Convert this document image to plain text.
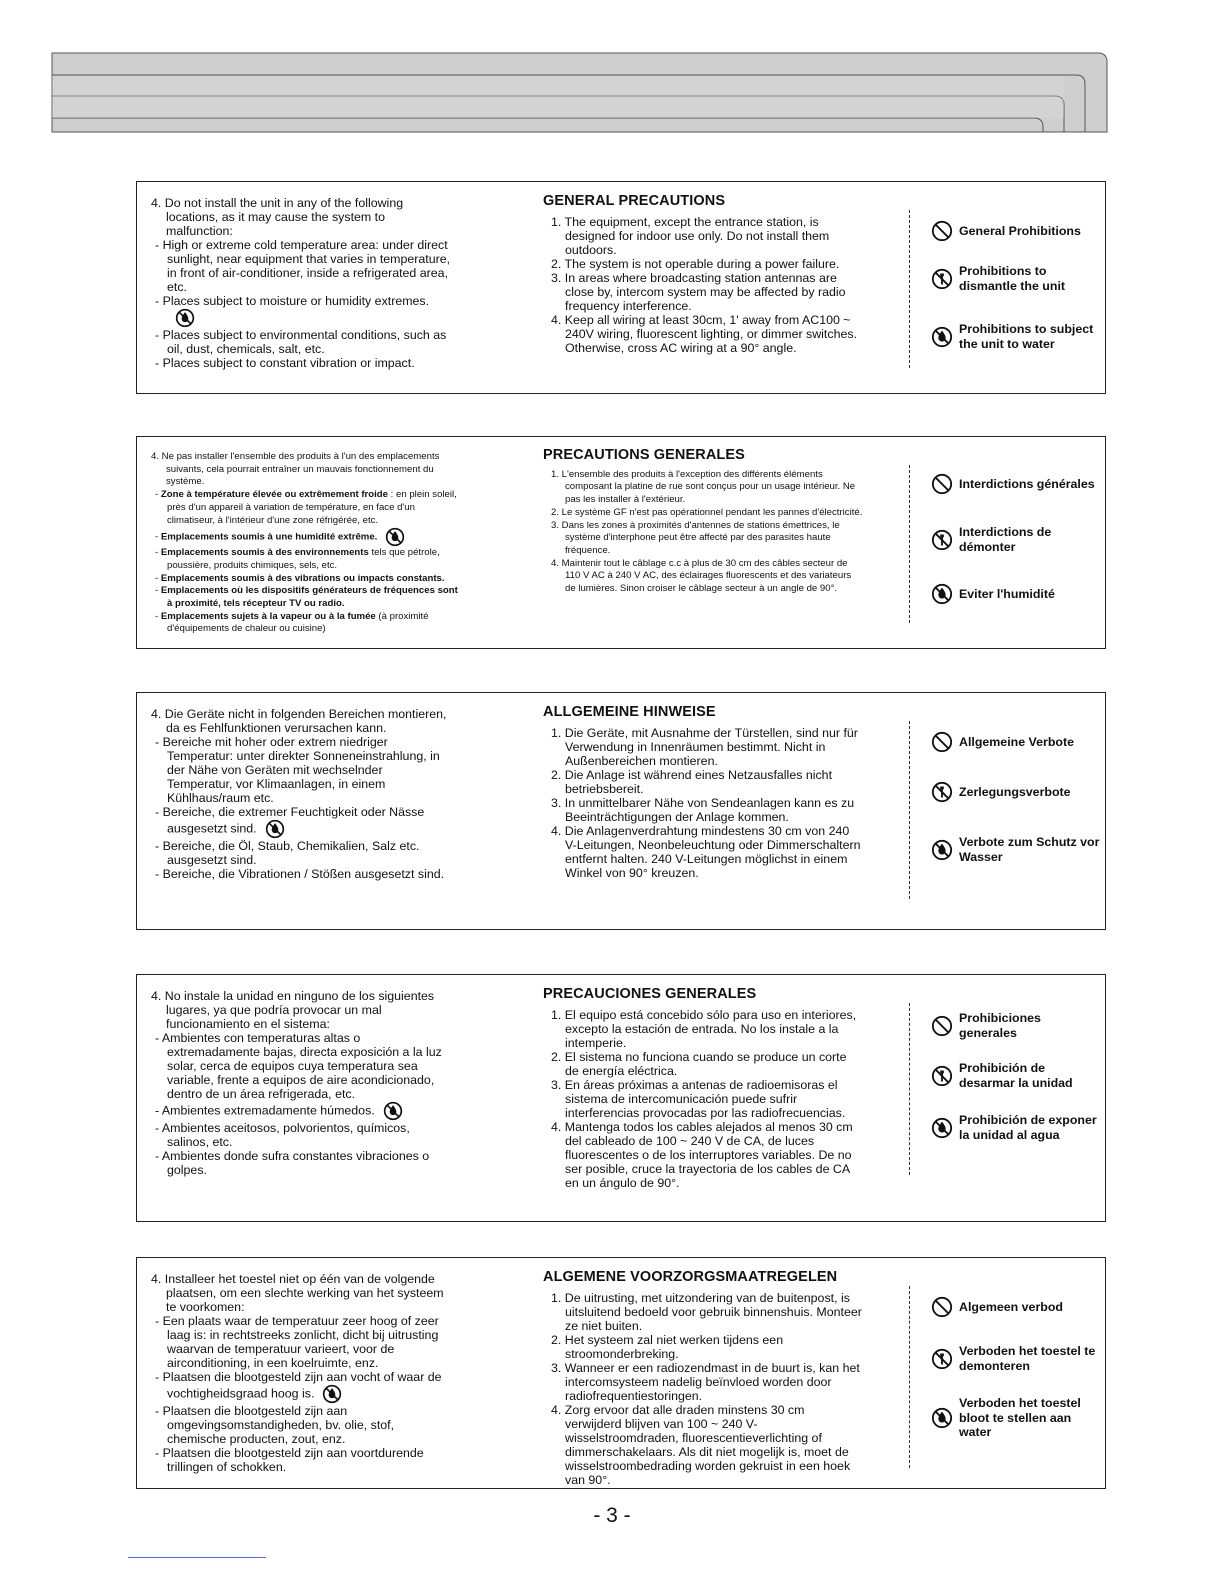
4. Do not install the unit in any of the following locations, as it may cause the system to malfunction:
- High or extreme cold temperature area: under direct sunlight, near equipment that varies in temperature, in front of air-conditioner, inside a refrigerated area, etc.
- Places subject to moisture or humidity extremes.
- Places subject to environmental conditions, such as oil, dust, chemicals, salt, etc.
- Places subject to constant vibration or impact.
GENERAL PRECAUTIONS
1. The equipment, except the entrance station, is designed for indoor use only. Do not install them outdoors.
2. The system is not operable during a power failure.
3. In areas where broadcasting station antennas are close by, intercom system may be affected by radio frequency interference.
4. Keep all wiring at least 30cm, 1' away from AC100 ~ 240V wiring, fluorescent lighting, or dimmer switches. Otherwise, cross AC wiring at a 90° angle.
General Prohibitions
Prohibitions to dismantle the unit
Prohibitions to subject the unit to water
4. Ne pas installer l'ensemble des produits à l'un des emplacements suivants, cela pourrait entraîner un mauvais fonctionnement du système.
- Zone à température élevée ou extrêmement froide : en plein soleil, près d'un appareil à variation de température, en face d'un climatiseur, à l'intérieur d'une zone réfrigérée, etc.
- Emplacements soumis à une humidité extrême.
- Emplacements soumis à des environnements tels que pétrole, poussière, produits chimiques, sels, etc.
- Emplacements soumis à des vibrations ou impacts constants.
- Emplacements où les dispositifs générateurs de fréquences sont à proximité, tels récepteur TV ou radio.
- Emplacements sujets à la vapeur ou à la fumée (à proximité d'équipements de chaleur ou cuisine)
PRECAUTIONS GENERALES
1. L'ensemble des produits à l'exception des différents éléments composant la platine de rue sont conçus pour un usage intérieur. Ne pas les installer à l'extérieur.
2. Le système GF n'est pas opérationnel pendant les pannes d'électricité.
3. Dans les zones à proximités d'antennes de stations émettrices, le système d'interphone peut être affecté par des parasites haute fréquence.
4. Maintenir tout le câblage c.c à plus de 30 cm des câbles secteur de 110 V AC à 240 V AC, des éclairages fluorescents et des variateurs de lumières. Sinon croiser le câblage secteur à un angle de 90°.
Interdictions générales
Interdictions de démonter
Eviter l'humidité
4. Die Geräte nicht in folgenden Bereichen montieren, da es Fehlfunktionen verursachen kann.
- Bereiche mit hoher oder extrem niedriger Temperatur: unter direkter Sonneneinstrahlung, in der Nähe von Geräten mit wechselnder Temperatur, vor Klimaanlagen, in einem Kühlhaus/raum etc.
- Bereiche, die extremer Feuchtigkeit oder Nässe ausgesetzt sind.
- Bereiche, die Öl, Staub, Chemikalien, Salz etc. ausgesetzt sind.
- Bereiche, die Vibrationen / Stößen ausgesetzt sind.
ALLGEMEINE HINWEISE
1. Die Geräte, mit Ausnahme der Türstellen, sind nur für Verwendung in Innenräumen bestimmt. Nicht in Außenbereichen montieren.
2. Die Anlage ist während eines Netzausfalles nicht betriebsbereit.
3. In unmittelbarer Nähe von Sendeanlagen kann es zu Beeinträchtigungen der Anlage kommen.
4. Die Anlagenverdrahtung mindestens 30 cm von 240 V-Leitungen, Neonbeleuchtung oder Dimmerschaltern entfernt halten. 240 V-Leitungen möglichst in einem Winkel von 90° kreuzen.
Allgemeine Verbote
Zerlegungsverbote
Verbote zum Schutz vor Wasser
4. No instale la unidad en ninguno de los siguientes lugares, ya que podría provocar un mal funcionamiento en el sistema:
- Ambientes con temperaturas altas o extremadamente bajas, directa exposición a la luz solar, cerca de equipos cuya temperatura sea variable, frente a equipos de aire acondicionado, dentro de un área refrigerada, etc.
- Ambientes extremadamente húmedos.
- Ambientes aceitosos, polvorientos, químicos, salinos, etc.
- Ambientes donde sufra constantes vibraciones o golpes.
PRECAUCIONES GENERALES
1. El equipo está concebido sólo para uso en interiores, excepto la estación de entrada. No los instale a la intemperie.
2. El sistema no funciona cuando se produce un corte de energía eléctrica.
3. En áreas próximas a antenas de radioemisoras el sistema de intercomunicación puede sufrir interferencias provocadas por las radiofrecuencias.
4. Mantenga todos los cables alejados al menos 30 cm del cableado de 100 ~ 240 V de CA, de luces fluorescentes o de los interruptores variables. De no ser posible, cruce la trayectoria de los cables de CA en un ángulo de 90°.
Prohibiciones generales
Prohibición de desarmar la unidad
Prohibición de exponer la unidad al agua
4. Installeer het toestel niet op één van de volgende plaatsen, om een slechte werking van het systeem te voorkomen:
- Een plaats waar de temperatuur zeer hoog of zeer laag is: in rechtstreeks zonlicht, dicht bij uitrusting waarvan de temperatuur varieert, voor de airconditioning, in een koelruimte, enz.
- Plaatsen die blootgesteld zijn aan vocht of waar de vochtigheidsgraad hoog is.
- Plaatsen die blootgesteld zijn aan omgevingsomstandigheden, bv. olie, stof, chemische producten, zout, enz.
- Plaatsen die blootgesteld zijn aan voortdurende trillingen of schokken.
ALGEMENE VOORZORGSMAATREGELEN
1. De uitrusting, met uitzondering van de buitenpost, is uitsluitend bedoeld voor gebruik binnenshuis. Monteer ze niet buiten.
2. Het systeem zal niet werken tijdens een stroomonderbreking.
3. Wanneer er een radiozendmast in de buurt is, kan het intercomsysteem nadelig beïnvloed worden door radiofrequentiestoringen.
4. Zorg ervoor dat alle draden minstens 30 cm verwijderd blijven van 100 ~ 240 V-wisselstroomdraden, fluorescentieverlichting of dimmerschakelaars. Als dit niet mogelijk is, moet de wisselstroombedrading worden gekruist in een hoek van 90°.
Algemeen verbod
Verboden het toestel te demonteren
Verboden het toestel bloot te stellen aan water
- 3 -
